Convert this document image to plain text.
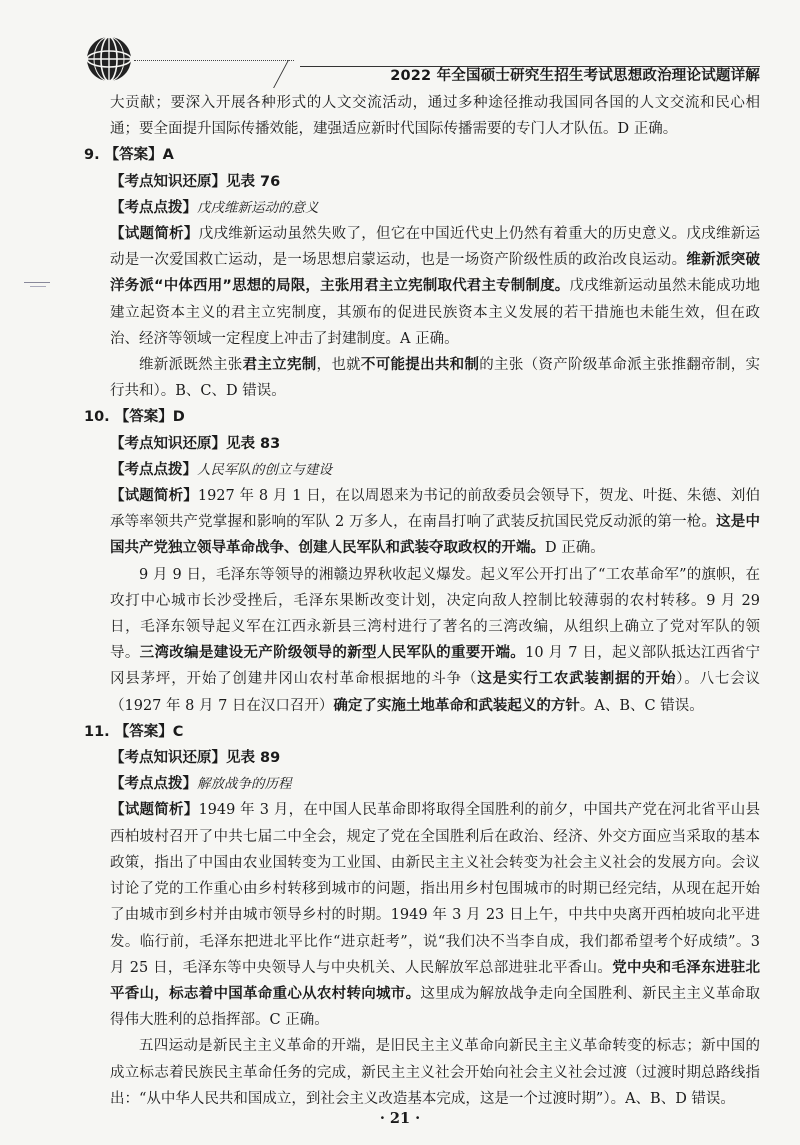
2022 年全国硕士研究生招生考试思想政治理论试题详解

大贡献；要深入开展各种形式的人文交流活动，通过多种途径推动我国同各国的人文交流和民心相通；要全面提升国际传播效能，建强适应新时代国际传播需要的专门人才队伍。D 正确。

9. 【答案】A

【考点知识还原】见表 76

【考点点拨】戊戌维新运动的意义

【试题简析】戊戌维新运动虽然失败了，但它在中国近代史上仍然有着重大的历史意义。戊戌维新运动是一次爱国救亡运动，是一场思想启蒙运动，也是一场资产阶级性质的政治改良运动。维新派突破洋务派“中体西用”思想的局限，主张用君主立宪制取代君主专制制度。戊戌维新运动虽然未能成功地建立起资本主义的君主立宪制度，其颁布的促进民族资本主义发展的若干措施也未能生效，但在政治、经济等领域一定程度上冲击了封建制度。A 正确。

维新派既然主张君主立宪制，也就不可能提出共和制的主张（资产阶级革命派主张推翻帝制，实行共和）。B、C、D 错误。

10. 【答案】D

【考点知识还原】见表 83

【考点点拨】人民军队的创立与建设

【试题简析】1927 年 8 月 1 日，在以周恩来为书记的前敌委员会领导下，贺龙、叶挺、朱德、刘伯承等率领共产党掌握和影响的军队 2 万多人，在南昌打响了武装反抗国民党反动派的第一枪。这是中国共产党独立领导革命战争、创建人民军队和武装夺取政权的开端。D 正确。

9 月 9 日，毛泽东等领导的湘赣边界秋收起义爆发。起义军公开打出了“工农革命军”的旗帜，在攻打中心城市长沙受挫后，毛泽东果断改变计划，决定向敌人控制比较薄弱的农村转移。9 月 29 日，毛泽东领导起义军在江西永新县三湾村进行了著名的三湾改编，从组织上确立了党对军队的领导。三湾改编是建设无产阶级领导的新型人民军队的重要开端。10 月 7 日，起义部队抵达江西省宁冈县茅坪，开始了创建井冈山农村革命根据地的斗争（这是实行工农武装割据的开始）。八七会议（1927 年 8 月 7 日在汉口召开）确定了实施土地革命和武装起义的方针。A、B、C 错误。

11. 【答案】C

【考点知识还原】见表 89

【考点点拨】解放战争的历程

【试题简析】1949 年 3 月，在中国人民革命即将取得全国胜利的前夕，中国共产党在河北省平山县西柏坡村召开了中共七届二中全会，规定了党在全国胜利后在政治、经济、外交方面应当采取的基本政策，指出了中国由农业国转变为工业国、由新民主主义社会转变为社会主义社会的发展方向。会议讨论了党的工作重心由乡村转移到城市的问题，指出用乡村包围城市的时期已经完结，从现在起开始了由城市到乡村并由城市领导乡村的时期。1949 年 3 月 23 日上午，中共中央离开西柏坡向北平进发。临行前，毛泽东把进北平比作“进京赶考”，说“我们决不当李自成，我们都希望考个好成绩”。3 月 25 日，毛泽东等中央领导人与中央机关、人民解放军总部进驻北平香山。党中央和毛泽东进驻北平香山，标志着中国革命重心从农村转向城市。这里成为解放战争走向全国胜利、新民主主义革命取得伟大胜利的总指挥部。C 正确。

五四运动是新民主主义革命的开端，是旧民主主义革命向新民主主义革命转变的标志；新中国的成立标志着民族民主革命任务的完成，新民主主义社会开始向社会主义社会过渡（过渡时期总路线指出：“从中华人民共和国成立，到社会主义改造基本完成，这是一个过渡时期”）。A、B、D 错误。

· 21 ·
